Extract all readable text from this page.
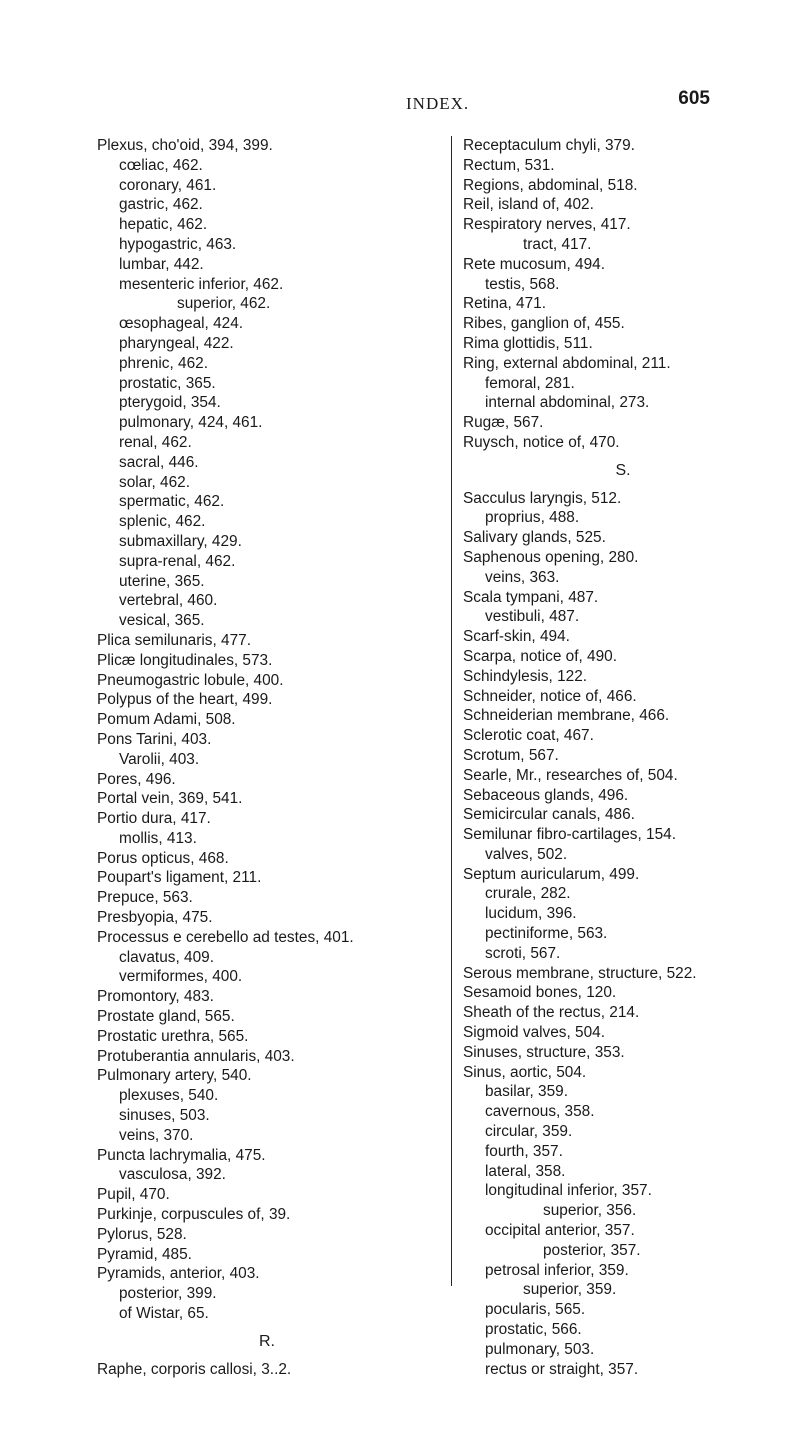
INDEX.	605
Plexus, cho'oid, 394, 399.
cœliac, 462.
coronary, 461.
gastric, 462.
hepatic, 462.
hypogastric, 463.
lumbar, 442.
mesenteric inferior, 462.
superior, 462.
œsophageal, 424.
pharyngeal, 422.
phrenic, 462.
prostatic, 365.
pterygoid, 354.
pulmonary, 424, 461.
renal, 462.
sacral, 446.
solar, 462.
spermatic, 462.
splenic, 462.
submaxillary, 429.
supra-renal, 462.
uterine, 365.
vertebral, 460.
vesical, 365.
Plica semilunaris, 477.
Plicæ longitudinales, 573.
Pneumogastric lobule, 400.
Polypus of the heart, 499.
Pomum Adami, 508.
Pons Tarini, 403.
Varolii, 403.
Pores, 496.
Portal vein, 369, 541.
Portio dura, 417.
mollis, 413.
Porus opticus, 468.
Poupart's ligament, 211.
Prepuce, 563.
Presbyopia, 475.
Processus e cerebello ad testes, 401.
clavatus, 409.
vermiformes, 400.
Promontory, 483.
Prostate gland, 565.
Prostatic urethra, 565.
Protuberantia annularis, 403.
Pulmonary artery, 540.
plexuses, 540.
sinuses, 503.
veins, 370.
Puncta lachrymalia, 475.
vasculosa, 392.
Pupil, 470.
Purkinje, corpuscules of, 39.
Pylorus, 528.
Pyramid, 485.
Pyramids, anterior, 403.
posterior, 399.
of Wistar, 65.
R.
Raphe, corporis callosi, 3..2.
Receptaculum chyli, 379.
Rectum, 531.
Regions, abdominal, 518.
Reil, island of, 402.
Respiratory nerves, 417.
tract, 417.
Rete mucosum, 494.
testis, 568.
Retina, 471.
Ribes, ganglion of, 455.
Rima glottidis, 511.
Ring, external abdominal, 211.
femoral, 281.
internal abdominal, 273.
Rugæ, 567.
Ruysch, notice of, 470.
S.
Sacculus laryngis, 512.
proprius, 488.
Salivary glands, 525.
Saphenous opening, 280.
veins, 363.
Scala tympani, 487.
vestibuli, 487.
Scarf-skin, 494.
Scarpa, notice of, 490.
Schindylesis, 122.
Schneider, notice of, 466.
Schneiderian membrane, 466.
Sclerotic coat, 467.
Scrotum, 567.
Searle, Mr., researches of, 504.
Sebaceous glands, 496.
Semicircular canals, 486.
Semilunar fibro-cartilages, 154.
valves, 502.
Septum auricularum, 499.
crurale, 282.
lucidum, 396.
pectiniforme, 563.
scroti, 567.
Serous membrane, structure, 522.
Sesamoid bones, 120.
Sheath of the rectus, 214.
Sigmoid valves, 504.
Sinuses, structure, 353.
Sinus, aortic, 504.
basilar, 359.
cavernous, 358.
circular, 359.
fourth, 357.
lateral, 358.
longitudinal inferior, 357.
superior, 356.
occipital anterior, 357.
posterior, 357.
petrosal inferior, 359.
superior, 359.
pocularis, 565.
prostatic, 566.
pulmonary, 503.
rectus or straight, 357.
